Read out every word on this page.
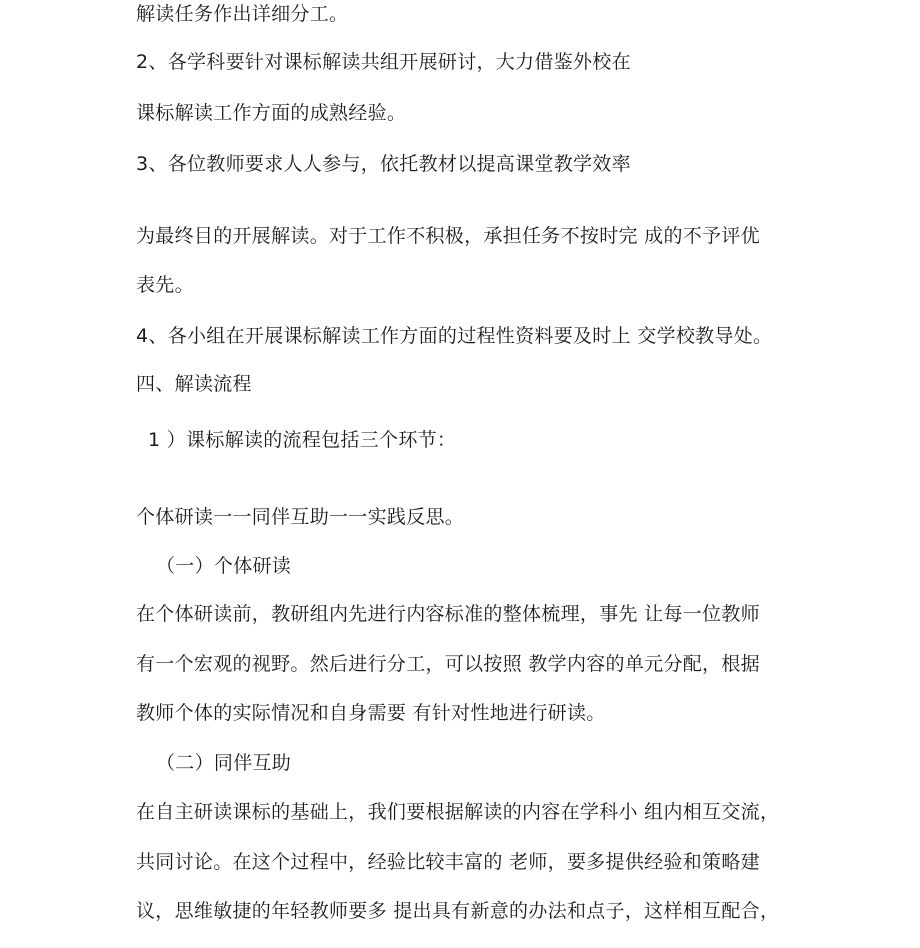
解读任务作出详细分工。
2、各学科要针对课标解读共组开展研讨，大力借鉴外校在
课标解读工作方面的成熟经验。
3、各位教师要求人人参与，依托教材以提高课堂教学效率
为最终目的开展解读。对于工作不积极，承担任务不按时完 成的不予评优
表先。
4、各小组在开展课标解读工作方面的过程性资料要及时上 交学校教导处。
四、解读流程
1 ）课标解读的流程包括三个环节：
个体研读一一同伴互助一一实践反思。
（一）个体研读
在个体研读前，教研组内先进行内容标准的整体梳理，事先 让每一位教师
有一个宏观的视野。然后进行分工，可以按照 教学内容的单元分配，根据
教师个体的实际情况和自身需要 有针对性地进行研读。
（二）同伴互助
在自主研读课标的基础上，我们要根据解读的内容在学科小 组内相互交流，
共同讨论。在这个过程中，经验比较丰富的 老师，要多提供经验和策略建
议，思维敏捷的年轻教师要多 提出具有新意的办法和点子，这样相互配合，
